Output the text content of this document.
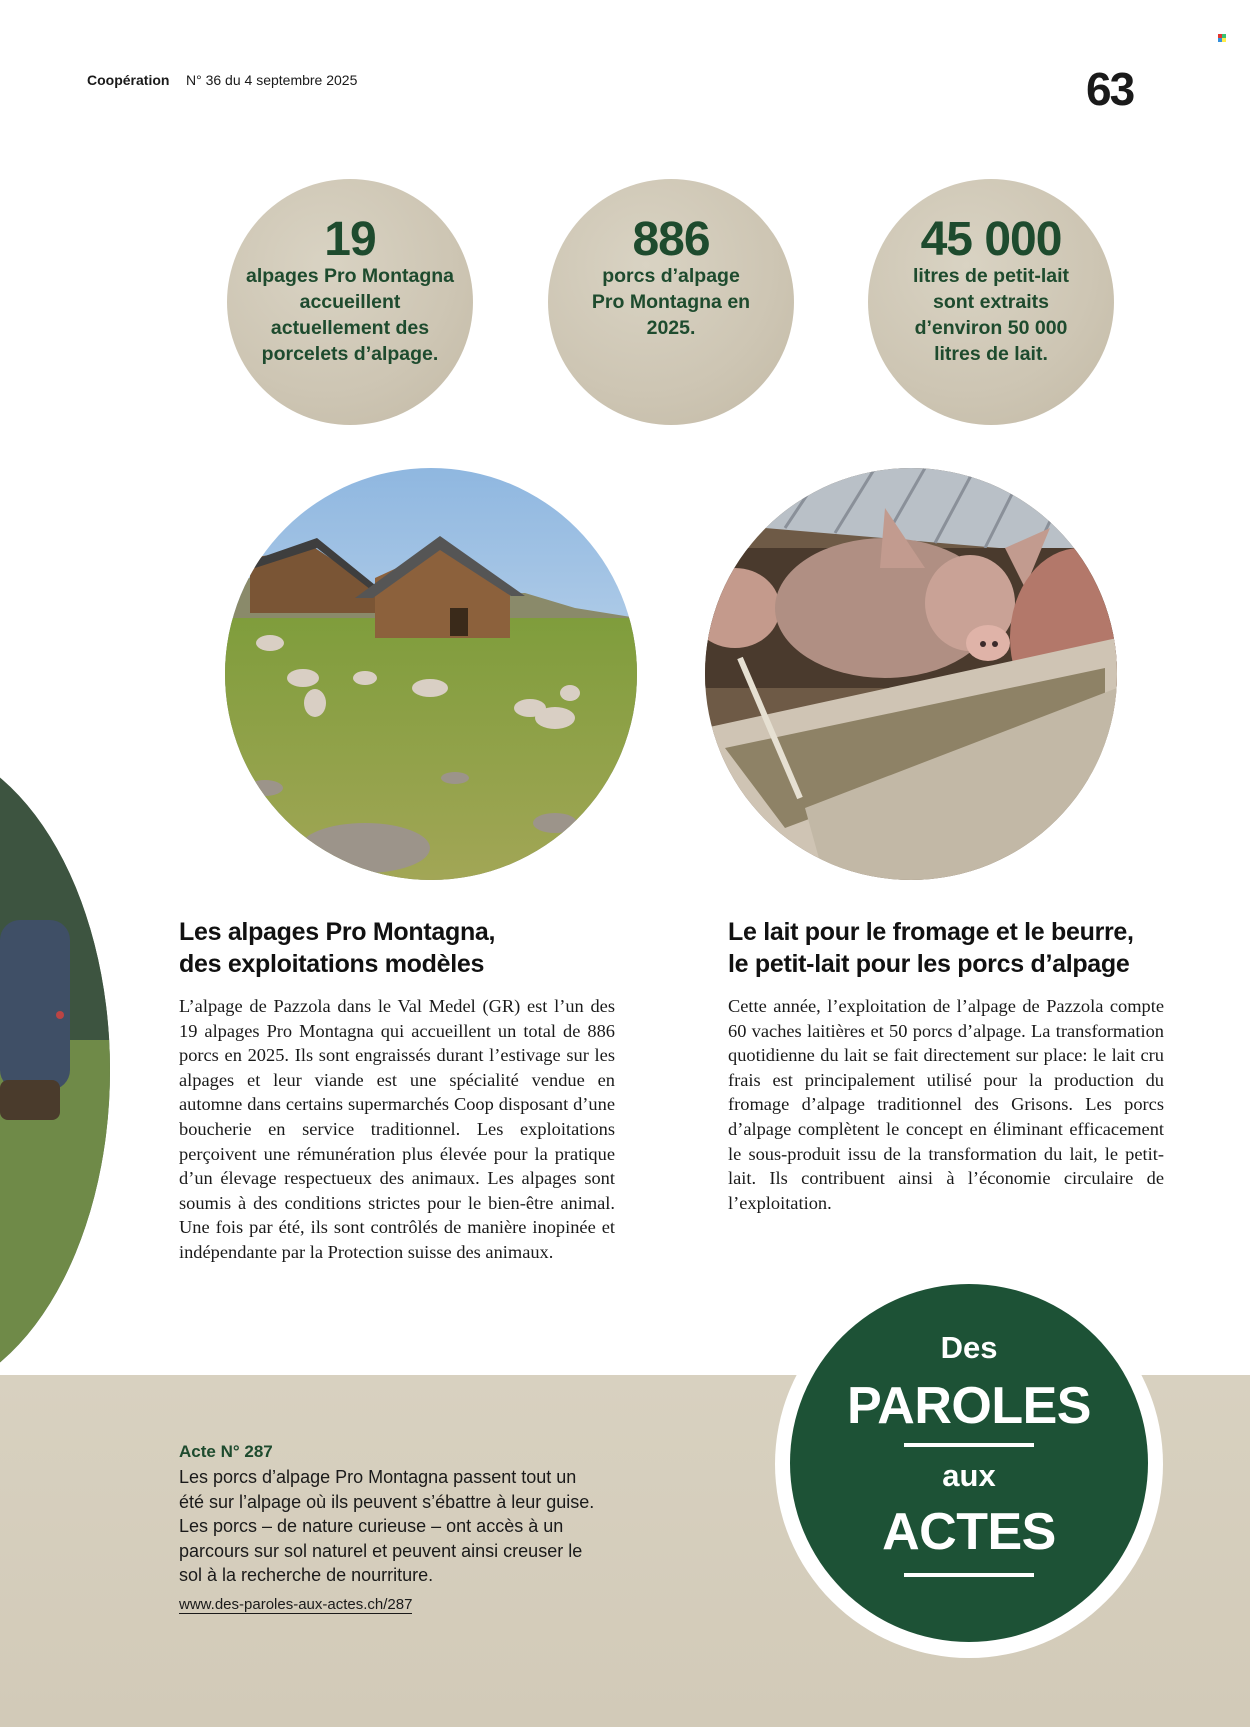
Coopération N° 36 du 4 septembre 2025	63
19
alpages Pro Montagna accueillent actuellement des porcelets d’alpage.
886
porcs d’alpage Pro Montagna en 2025.
45 000
litres de petit-lait sont extraits d’environ 50 000 litres de lait.
Les alpages Pro Montagna,
des exploitations modèles

L’alpage de Pazzola dans le Val Medel (GR) est l’un des 19 alpages Pro Montagna qui accueillent un total de 886 porcs en 2025. Ils sont engraissés durant l’estivage sur les alpages et leur viande est une spécialité vendue en automne dans certains supermarchés Coop disposant d’une boucherie en service traditionnel. Les exploitations perçoivent une rémunération plus élevée pour la pratique d’un élevage respectueux des animaux. Les alpages sont soumis à des conditions strictes pour le bien-être animal. Une fois par été, ils sont contrôlés de manière inopinée et indépendante par la Protection suisse des animaux.

Le lait pour le fromage et le beurre,
le petit-lait pour les porcs d’alpage

Cette année, l’exploitation de l’alpage de Pazzola compte 60 vaches laitières et 50 porcs d’alpage. La transformation quotidienne du lait se fait directement sur place: le lait cru frais est principalement utilisé pour la production du fromage d’alpage traditionnel des Grisons. Les porcs d’alpage complètent le concept en éliminant efficacement le sous-produit issu de la transformation du lait, le petit-lait. Ils contribuent ainsi à l’économie circulaire de l’exploitation.

Acte N° 287
Les porcs d’alpage Pro Montagna passent tout un été sur l’alpage où ils peuvent s’ébattre à leur guise. Les porcs – de nature curieuse – ont accès à un parcours sur sol naturel et peuvent ainsi creuser le sol à la recherche de nourriture.
www.des-paroles-aux-actes.ch/287
Des
PAROLES
aux
ACTES
